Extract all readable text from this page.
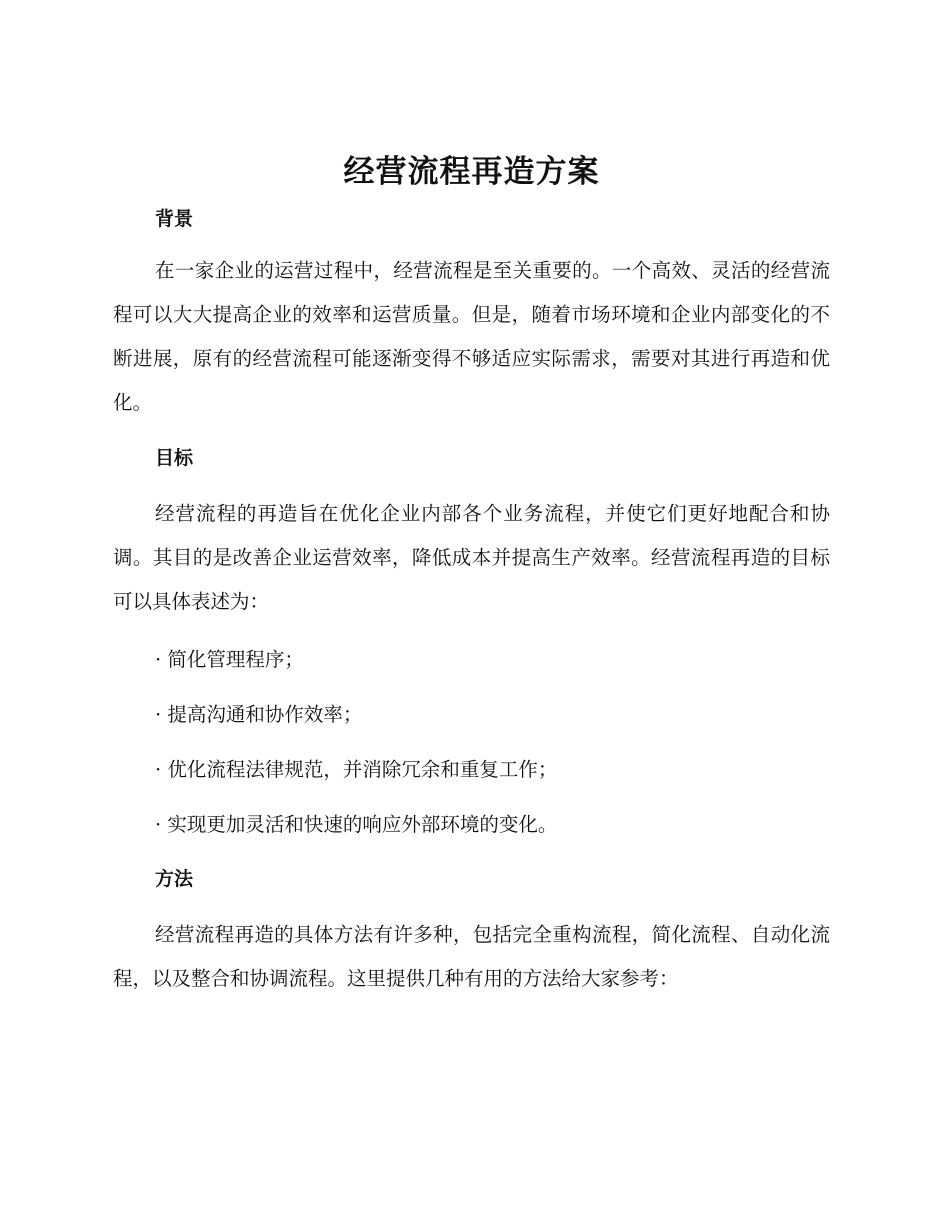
经营流程再造方案
背景

在一家企业的运营过程中，经营流程是至关重要的。一个高效、灵活的经营流程可以大大提高企业的效率和运营质量。但是，随着市场环境和企业内部变化的不断进展，原有的经营流程可能逐渐变得不够适应实际需求，需要对其进行再造和优化。

目标

经营流程的再造旨在优化企业内部各个业务流程，并使它们更好地配合和协调。其目的是改善企业运营效率，降低成本并提高生产效率。经营流程再造的目标可以具体表述为：

· 简化管理程序；
· 提高沟通和协作效率；
· 优化流程法律规范，并消除冗余和重复工作；
· 实现更加灵活和快速的响应外部环境的变化。
方法

经营流程再造的具体方法有许多种，包括完全重构流程，简化流程、自动化流程，以及整合和协调流程。这里提供几种有用的方法给大家参考：
